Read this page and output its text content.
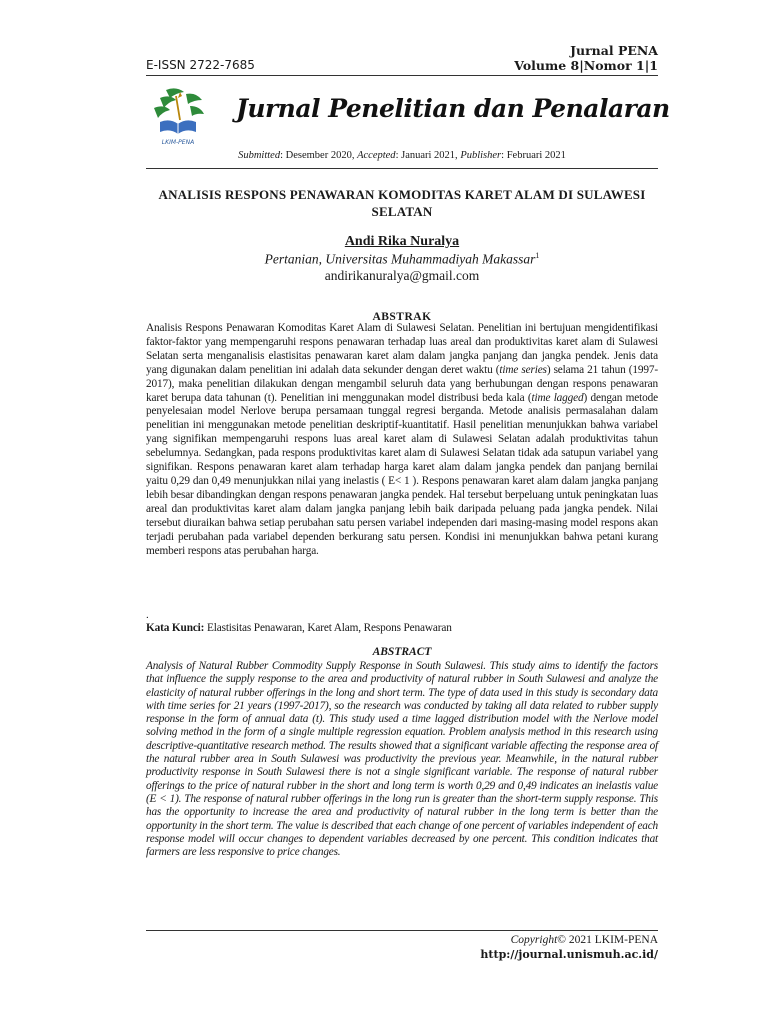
Jurnal PENA
Volume 8|Nomor 1|1
E-ISSN 2722-7685
LKIM-PENA
Jurnal Penelitian dan Penalaran
Submitted: Desember 2020, Accepted: Januari 2021, Publisher: Februari 2021
ANALISIS RESPONS PENAWARAN KOMODITAS KARET ALAM DI SULAWESI SELATAN
Andi Rika Nuralya
Pertanian, Universitas Muhammadiyah Makassar$^1$
andirikanuralya@gmail.com
ABSTRAK
Analisis Respons Penawaran Komoditas Karet Alam di Sulawesi Selatan. Penelitian ini bertujuan mengidentifikasi faktor-faktor yang mempengaruhi respons penawaran terhadap luas areal dan produktivitas karet alam di Sulawesi Selatan serta menganalisis elastisitas penawaran karet alam dalam jangka panjang dan jangka pendek. Jenis data yang digunakan dalam penelitian ini adalah data sekunder dengan deret waktu (time series) selama 21 tahun (1997-2017), maka penelitian dilakukan dengan mengambil seluruh data yang berhubungan dengan respons penawaran karet berupa data tahunan (t). Penelitian ini menggunakan model distribusi beda kala (time lagged) dengan metode penyelesaian model Nerlove berupa persamaan tunggal regresi berganda. Metode analisis permasalahan dalam penelitian ini menggunakan metode penelitian deskriptif-kuantitatif. Hasil penelitian menunjukkan bahwa variabel yang signifikan mempengaruhi respons luas areal karet alam di Sulawesi Selatan adalah produktivitas tahun sebelumnya. Sedangkan, pada respons produktivitas karet alam di Sulawesi Selatan tidak ada satupun variabel yang signifikan. Respons penawaran karet alam terhadap harga karet alam dalam jangka pendek dan panjang bernilai yaitu 0,29 dan 0,49 menunjukkan nilai yang inelastis ( E< 1 ). Respons penawaran karet alam dalam jangka panjang lebih besar dibandingkan dengan respons penawaran jangka pendek. Hal tersebut berpeluang untuk peningkatan luas areal dan produktivitas karet alam dalam jangka panjang lebih baik daripada peluang pada jangka pendek. Nilai tersebut diuraikan bahwa setiap perubahan satu persen variabel independen dari masing-masing model respons akan terjadi perubahan pada variabel dependen berkurang satu persen. Kondisi ini menunjukkan bahwa petani kurang memberi respons atas perubahan harga.
.
Kata Kunci: Elastisitas Penawaran, Karet Alam, Respons Penawaran
ABSTRACT
Analysis of Natural Rubber Commodity Supply Response in South Sulawesi. This study aims to identify the factors that influence the supply response to the area and productivity of natural rubber in South Sulawesi and analyze the elasticity of natural rubber offerings in the long and short term. The type of data used in this study is secondary data with time series for 21 years (1997-2017), so the research was conducted by taking all data related to rubber supply response in the form of annual data (t). This study used a time lagged distribution model with the Nerlove model solving method in the form of a single multiple regression equation. Problem analysis method in this research using descriptive-quantitative research method. The results showed that a significant variable affecting the response area of the natural rubber area in South Sulawesi was productivity the previous year. Meanwhile, in the natural rubber productivity response in South Sulawesi there is not a single significant variable. The response of natural rubber offerings to the price of natural rubber in the short and long term is worth 0,29 and 0,49 indicates an inelastis value (E < 1). The response of natural rubber offerings in the long run is greater than the short-term supply response. This has the opportunity to increase the area and productivity of natural rubber in the long term is better than the opportunity in the short term. The value is described that each change of one percent of variables independent of each response model will occur changes to dependent variables decreased by one percent. This condition indicates that farmers are less responsive to price changes.
Copyright© 2021 LKIM-PENA
http://journal.unismuh.ac.id/
